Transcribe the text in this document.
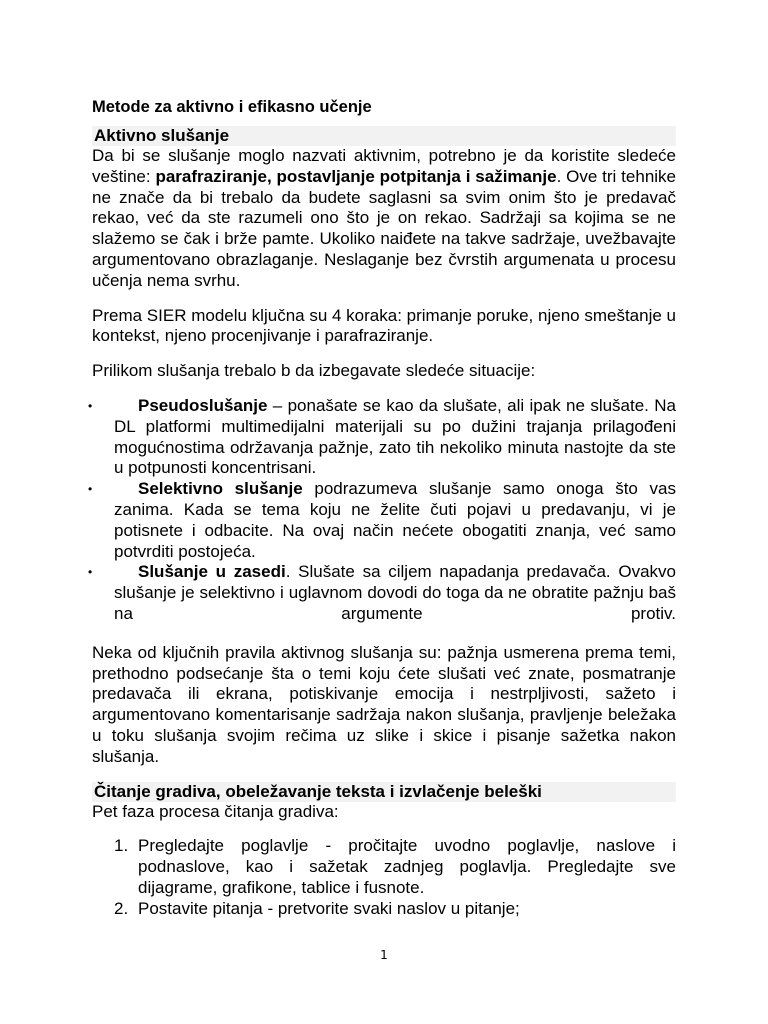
Metode za aktivno i efikasno učenje
Aktivno slušanje

Da bi se slušanje moglo nazvati aktivnim, potrebno je da koristite sledeće veštine: parafraziranje, postavljanje potpitanja i sažimanje. Ove tri tehnike ne znače da bi trebalo da budete saglasni sa svim onim što je predavač rekao, već da ste razumeli ono što je on rekao. Sadržaji sa kojima se ne slažemo se čak i brže pamte. Ukoliko naiđete na takve sadržaje, uvežbavajte argumentovano obrazlaganje. Neslaganje bez čvrstih argumenata u procesu učenja nema svrhu.

Prema SIER modelu ključna su 4 koraka: primanje poruke, njeno smeštanje u kontekst, njeno procenjivanje i parafraziranje.

Prilikom slušanja trebalo b da izbegavate sledeće situacije:

•	Pseudoslušanje – ponašate se kao da slušate, ali ipak ne slušate. Na DL platformi multimedijalni materijali su po dužini trajanja prilagođeni mogućnostima održavanja pažnje, zato tih nekoliko minuta nastojte da ste u potpunosti koncentrisani.
•	Selektivno slušanje podrazumeva slušanje samo onoga što vas zanima. Kada se tema koju ne želite čuti pojavi u predavanju, vi je potisnete i odbacite. Na ovaj način nećete obogatiti znanja, već samo potvrditi postojeća.
•	Slušanje u zasedi. Slušate sa ciljem napadanja predavača. Ovakvo slušanje je selektivno i uglavnom dovodi do toga da ne obratite pažnju baš na argumente protiv.

Neka od ključnih pravila aktivnog slušanja su: pažnja usmerena prema temi, prethodno podsećanje šta o temi koju ćete slušati već znate, posmatranje predavača ili ekrana, potiskivanje emocija i nestrpljivosti, sažeto i argumentovano komentarisanje sadržaja nakon slušanja, pravljenje beležaka u toku slušanja svojim rečima uz slike i skice i pisanje sažetka nakon slušanja.

Čitanje gradiva, obeležavanje teksta i izvlačenje beleški

Pet faza procesa čitanja gradiva:

1. Pregledajte poglavlje - pročitajte uvodno poglavlje, naslove i podnaslove, kao i sažetak zadnjeg poglavlja. Pregledajte sve dijagrame, grafikone, tablice i fusnote.
2. Postavite pitanja - pretvorite svaki naslov u pitanje;
1
